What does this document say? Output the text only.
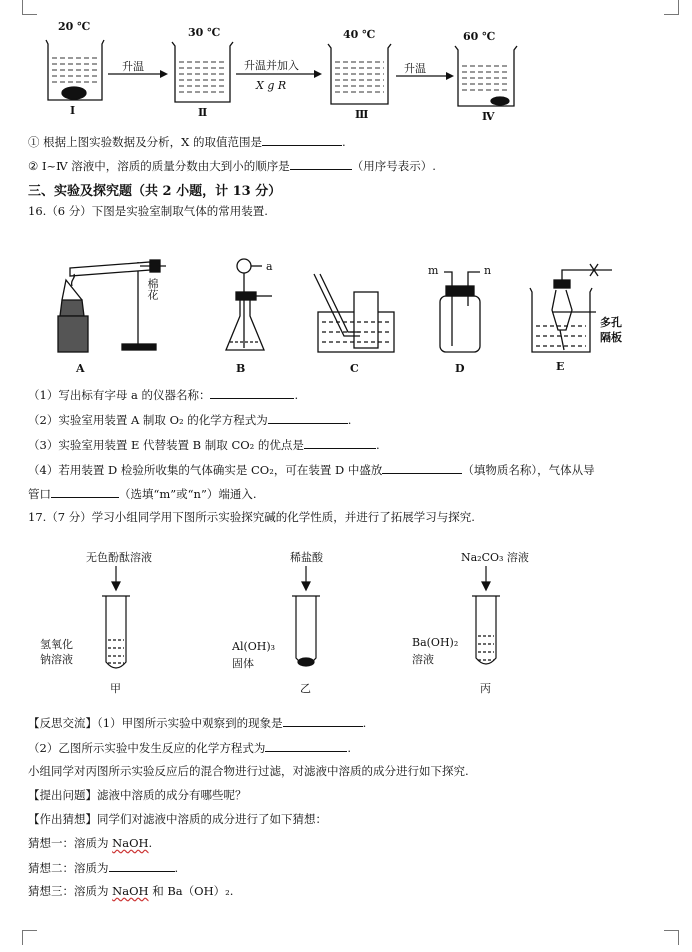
20 ℃	30 ℃	40 ℃	60 ℃
升温	升温并加入
X g R
升温
Ⅰ	Ⅱ	Ⅲ	Ⅳ
① 根据上图实验数据及分析，X 的取值范围是	.
② Ⅰ~Ⅳ 溶液中，溶质的质量分数由大到小的顺序是	（用序号表示）.
三、实验及探究题（共 2 小题，计 13 分）
16.（6 分）下图是实验室制取气体的常用装置.
棉花
a	m	n
多孔
隔板
A	B	C	D	E
（1）写出标有字母 a 的仪器名称：	.
（2）实验室用装置 A 制取 O₂ 的化学方程式为	.
（3）实验室用装置 E 代替装置 B 制取 CO₂ 的优点是	.
（4）若用装置 D 检验所收集的气体确实是 CO₂，可在装置 D 中盛放	（填物质名称），气体从导
管口	（选填“m”或“n”）端通入.
17.（7 分）学习小组同学用下图所示实验探究碱的化学性质，并进行了拓展学习与探究.
无色酚酞溶液	稀盐酸	Na₂CO₃ 溶液
氢氧化
钠溶液
Al(OH)₃
固体
Ba(OH)₂
溶液
甲	乙	丙
【反思交流】（1）甲图所示实验中观察到的现象是	.
（2）乙图所示实验中发生反应的化学方程式为	.
小组同学对丙图所示实验反应后的混合物进行过滤，对滤液中溶质的成分进行如下探究.
【提出问题】滤液中溶质的成分有哪些呢？
【作出猜想】同学们对滤液中溶质的成分进行了如下猜想：
猜想一：溶质为 NaOH.
猜想二：溶质为	.
猜想三：溶质为 NaOH 和 Ba（OH）₂.
